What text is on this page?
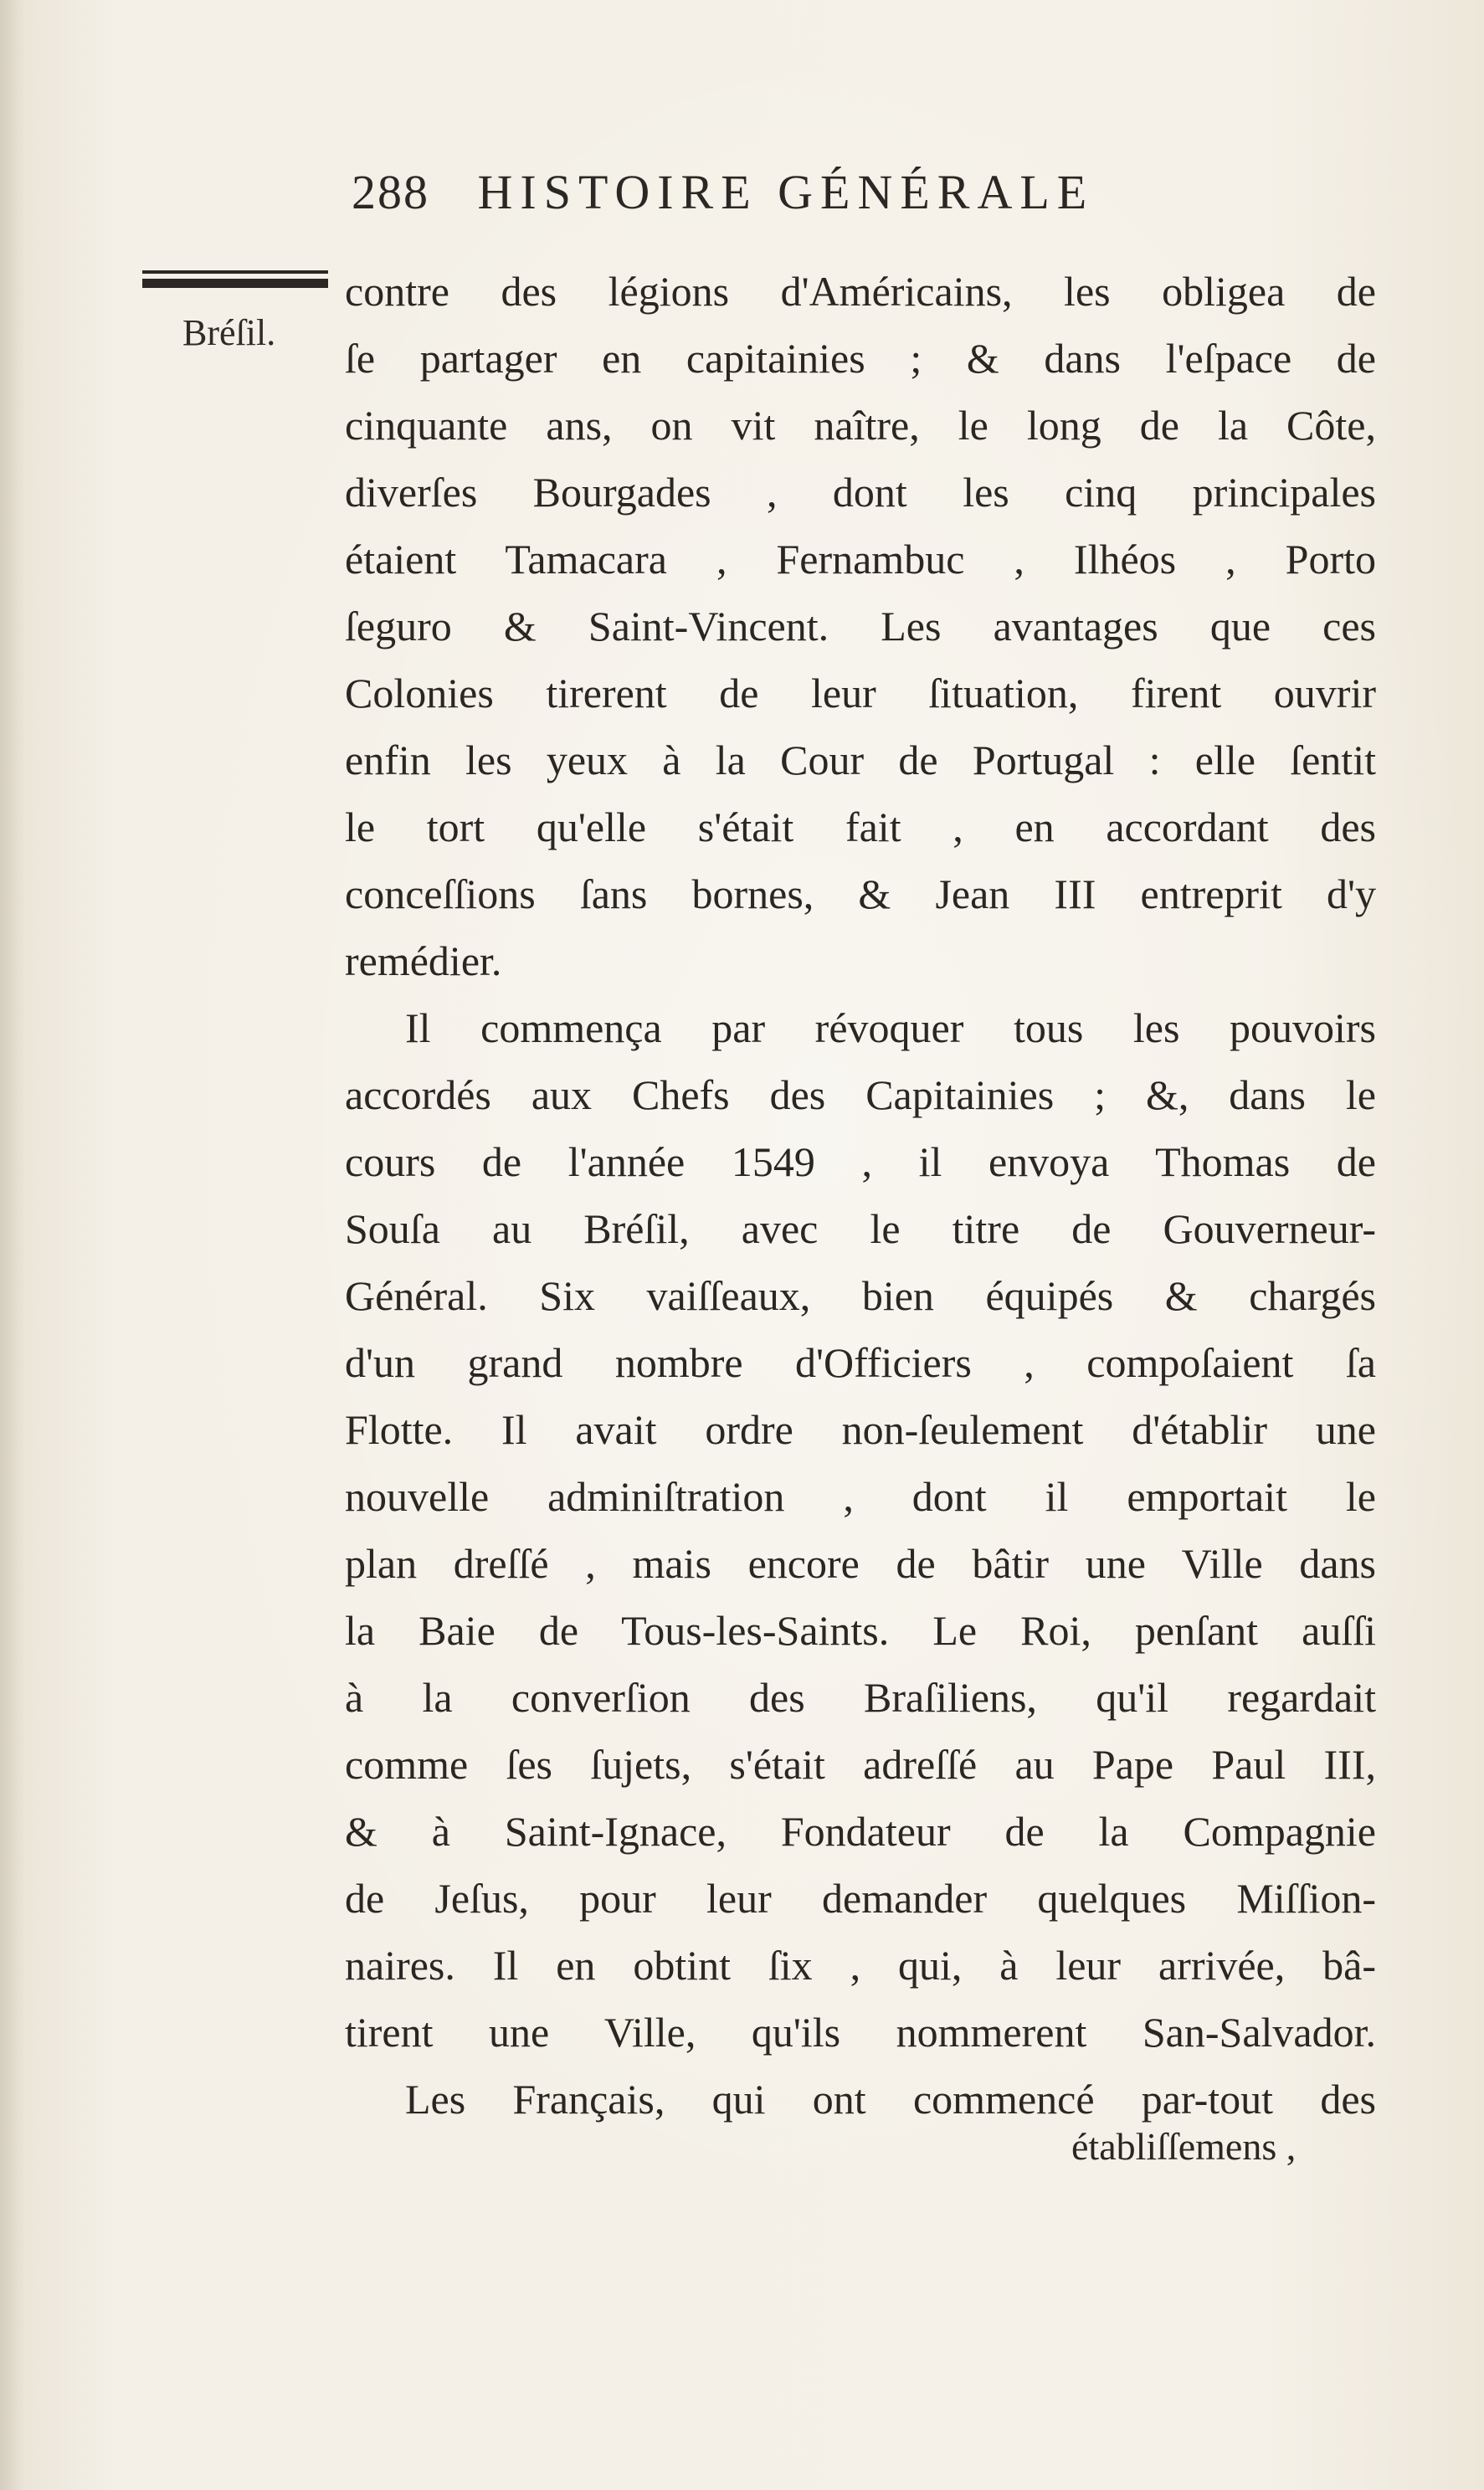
288 HISTOIRE GÉNÉRALE
Bréſil.
contre des légions d'Américains, les obligea de
ſe partager en capitainies ; & dans l'eſpace de
cinquante ans, on vit naître, le long de la Côte,
diverſes Bourgades , dont les cinq principales
étaient Tamacara , Fernambuc , Ilhéos , Porto
ſeguro & Saint-Vincent. Les avantages que ces
Colonies tirerent de leur ſituation, firent ouvrir
enfin les yeux à la Cour de Portugal : elle ſentit
le tort qu'elle s'était fait , en accordant des
conceſſions ſans bornes, & Jean III entreprit d'y
remédier.
Il commença par révoquer tous les pouvoirs
accordés aux Chefs des Capitainies ; &, dans le
cours de l'année 1549 , il envoya Thomas de
Souſa au Bréſil, avec le titre de Gouverneur-
Général. Six vaiſſeaux, bien équipés & chargés
d'un grand nombre d'Officiers , compoſaient ſa
Flotte. Il avait ordre non-ſeulement d'établir une
nouvelle adminiſtration , dont il emportait le
plan dreſſé , mais encore de bâtir une Ville dans
la Baie de Tous-les-Saints. Le Roi, penſant auſſi
à la converſion des Braſiliens, qu'il regardait
comme ſes ſujets, s'était adreſſé au Pape Paul III,
& à Saint-Ignace, Fondateur de la Compagnie
de Jeſus, pour leur demander quelques Miſſion-
naires. Il en obtint ſix , qui, à leur arrivée, bâ-
tirent une Ville, qu'ils nommerent San-Salvador.
Les Français, qui ont commencé par-tout des
établiſſemens ,
